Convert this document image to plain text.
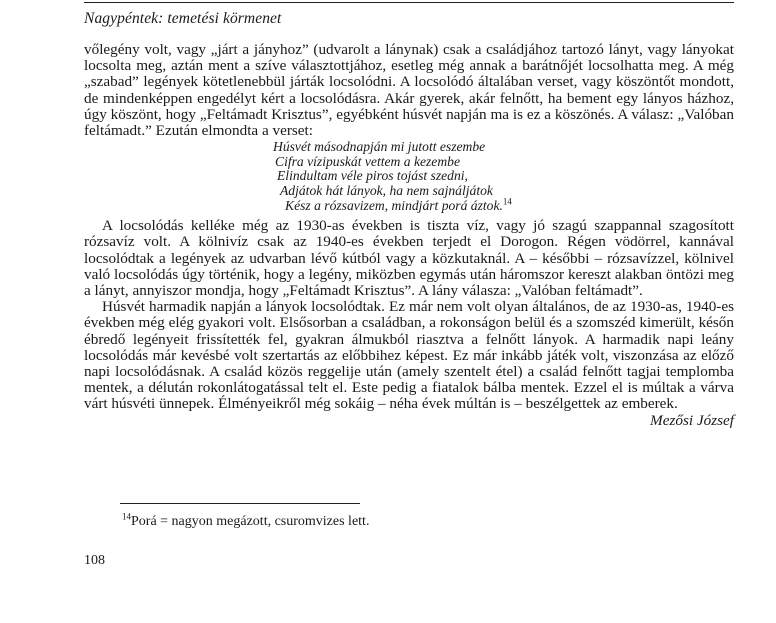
Nagypéntek: temetési körmenet

vőlegény volt, vagy „járt a jányhoz” (udvarolt a lánynak) csak a családjához tartozó lányt, vagy lányokat locsolta meg, aztán ment a szíve választottjához, esetleg még annak a barátnőjét locsolhatta meg. A még „szabad” legények kötetlenebbül járták locsolódni. A locsolódó általában verset, vagy köszöntőt mondott, de mindenképpen engedélyt kért a locsolódásra. Akár gyerek, akár felnőtt, ha bement egy lányos házhoz, úgy köszönt, hogy „Feltámadt Krisztus”, egyébként húsvét napján ma is ez a köszönés. A válasz: „Valóban feltámadt.” Ezután elmondta a verset:

Húsvét másodnapján mi jutott eszembe
Cifra vízipuskát vettem a kezembe
Elindultam véle piros tojást szedni,
Adjátok hát lányok, ha nem sajnáljátok
Kész a rózsavizem, mindjárt porá áztok.$^{14}$

A locsolódás kelléke még az 1930-as években is tiszta víz, vagy jó szagú szappannal szagosított rózsavíz volt. A kölnivíz csak az 1940-es években terjedt el Dorogon. Régen vödörrel, kannával locsolódtak a legények az udvarban lévő kútból vagy a közkutaknál. A – későbbi – rózsavízzel, kölnivel való locsolódás úgy történik, hogy a legény, miközben egymás után háromszor kereszt alakban öntözi meg a lányt, annyiszor mondja, hogy „Feltámadt Krisztus”. A lány válasza: „Valóban feltámadt”.

Húsvét harmadik napján a lányok locsolódtak. Ez már nem volt olyan általános, de az 1930-as, 1940-es években még elég gyakori volt. Elsősorban a családban, a rokonságon belül és a szomszéd kimerült, későn ébredő legényeit frissítették fel, gyakran álmukból riasztva a felnőtt lányok. A harmadik napi leány locsolódás már kevésbé volt szertartás az előbbihez képest. Ez már inkább játék volt, viszonzása az előző napi locsolódásnak. A család közös reggelije után (amely szentelt étel) a család felnőtt tagjai templomba mentek, a délután rokonlátogatással telt el. Este pedig a fiatalok bálba mentek. Ezzel el is múltak a várva várt húsvéti ünnepek. Élményeikről még sokáig – néha évek múltán is – beszélgettek az emberek.

Mezősi József
$^{14}$Porá = nagyon megázott, csuromvizes lett.
108
